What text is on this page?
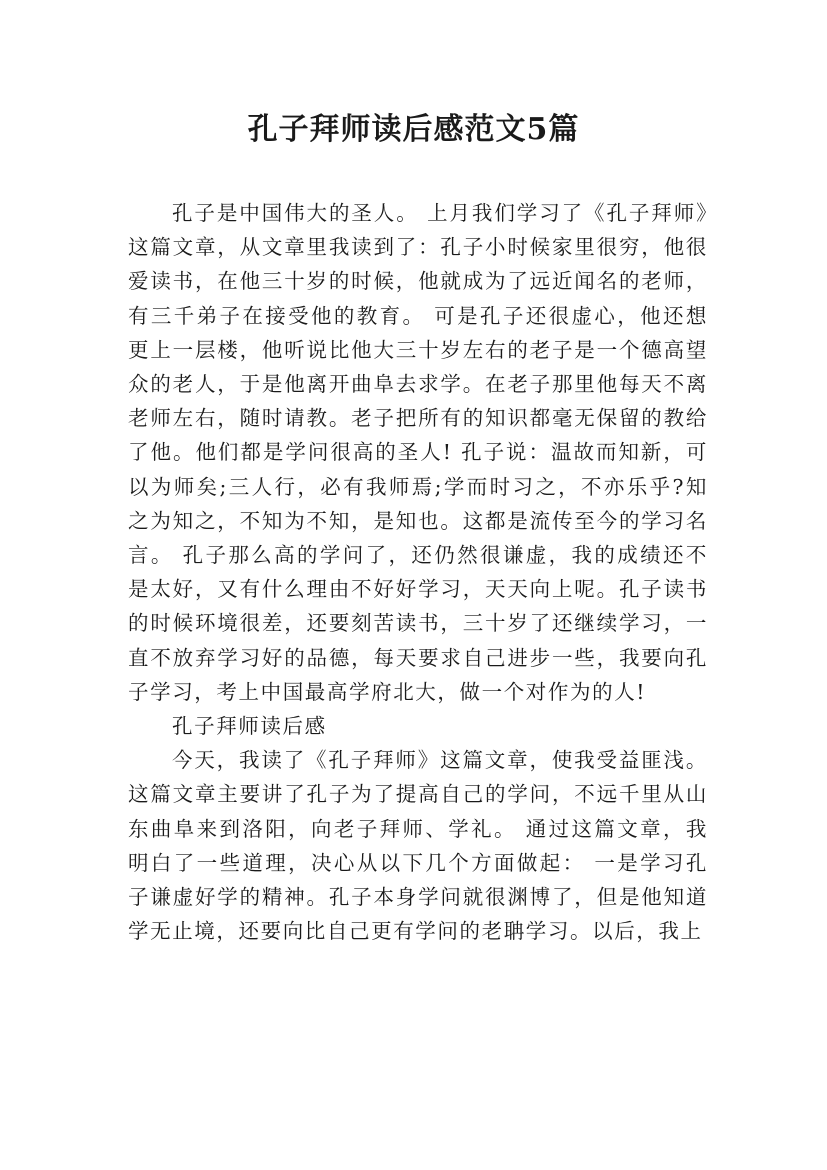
孔子拜师读后感范文5篇

孔子是中国伟大的圣人。 上月我们学习了《孔子拜师》这篇文章，从文章里我读到了：孔子小时候家里很穷，他很爱读书，在他三十岁的时候，他就成为了远近闻名的老师，有三千弟子在接受他的教育。 可是孔子还很虚心，他还想更上一层楼，他听说比他大三十岁左右的老子是一个德高望众的老人，于是他离开曲阜去求学。在老子那里他每天不离老师左右，随时请教。老子把所有的知识都毫无保留的教给了他。他们都是学问很高的圣人! 孔子说：温故而知新，可以为师矣;三人行，必有我师焉;学而时习之，不亦乐乎?知之为知之，不知为不知，是知也。这都是流传至今的学习名言。 孔子那么高的学问了，还仍然很谦虚，我的成绩还不是太好，又有什么理由不好好学习，天天向上呢。孔子读书的时候环境很差，还要刻苦读书，三十岁了还继续学习，一直不放弃学习好的品德，每天要求自己进步一些，我要向孔子学习，考上中国最高学府北大，做一个对作为的人!

孔子拜师读后感

今天，我读了《孔子拜师》这篇文章，使我受益匪浅。这篇文章主要讲了孔子为了提高自己的学问，不远千里从山东曲阜来到洛阳，向老子拜师、学礼。 通过这篇文章，我明白了一些道理，决心从以下几个方面做起： 一是学习孔子谦虚好学的精神。孔子本身学问就很渊博了，但是他知道学无止境，还要向比自己更有学问的老聃学习。以后，我上
